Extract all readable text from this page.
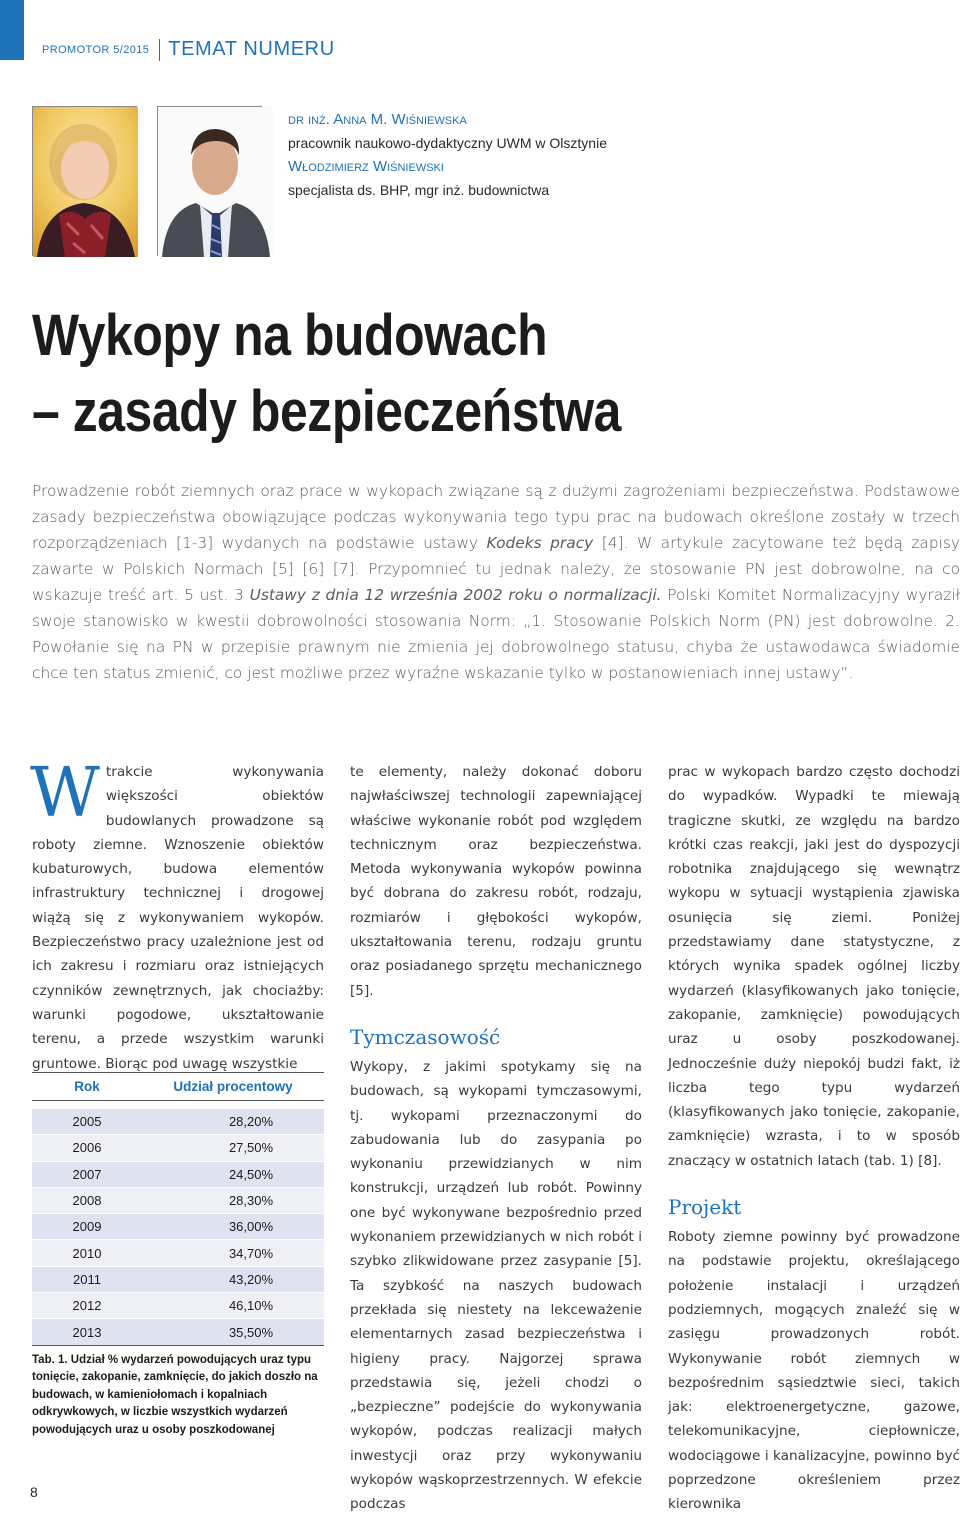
PROMOTOR 5/2015 TEMAT NUMERU
dr inż. Anna M. Wiśniewska
pracownik naukowo-dydaktyczny UWM w Olsztynie
Włodzimierz Wiśniewski
specjalista ds. BHP, mgr inż. budownictwa
Wykopy na budowach
– zasady bezpieczeństwa

Prowadzenie robót ziemnych oraz prace w wykopach związane są z dużymi zagrożeniami bezpieczeństwa. Podstawowe zasady bezpieczeństwa obowiązujące podczas wykonywania tego typu prac na budowach określone zostały w trzech rozporządzeniach [1-3] wydanych na podstawie ustawy Kodeks pracy [4]. W artykule zacytowane też będą zapisy zawarte w Polskich Normach [5] [6] [7]. Przypomnieć tu jednak należy, że stosowanie PN jest dobrowolne, na co wskazuje treść art. 5 ust. 3 Ustawy z dnia 12 września 2002 roku o normalizacji. Polski Komitet Normalizacyjny wyraził swoje stanowisko w kwestii dobrowolności stosowania Norm: „1. Stosowanie Polskich Norm (PN) jest dobrowolne. 2. Powołanie się na PN w przepisie prawnym nie zmienia jej dobrowolnego statusu, chyba że ustawodawca świadomie chce ten status zmienić, co jest możliwe przez wyraźne wskazanie tylko w postanowieniach innej ustawy”.

W trakcie wykonywania większości obiektów budowlanych prowadzone są roboty ziemne. Wznoszenie obiektów kubaturowych, budowa elementów infrastruktury technicznej i drogowej wiążą się z wykonywaniem wykopów. Bezpieczeństwo pracy uzależnione jest od ich zakresu i rozmiaru oraz istniejących czynników zewnętrznych, jak chociażby: warunki pogodowe, ukształtowanie terenu, a przede wszystkim warunki gruntowe. Biorąc pod uwagę wszystkie

Rok	Udział procentowy

2005	28,20%
2006	27,50%
2007	24,50%
2008	28,30%
2009	36,00%
2010	34,70%
2011	43,20%
2012	46,10%
2013	35,50%
Tab. 1. Udział % wydarzeń powodujących uraz typu tonięcie, zakopanie, zamknięcie, do jakich doszło na budowach, w kamieniołomach i kopalniach odkrywkowych, w liczbie wszystkich wydarzeń powodujących uraz u osoby poszkodowanej

te elementy, należy dokonać doboru najwłaściwszej technologii zapewniającej właściwe wykonanie robót pod względem technicznym oraz bezpieczeństwa. Metoda wykonywania wykopów powinna być dobrana do zakresu robót, rodzaju, rozmiarów i głębokości wykopów, ukształtowania terenu, rodzaju gruntu oraz posiadanego sprzętu mechanicznego [5].

Tymczasowość

Wykopy, z jakimi spotykamy się na budowach, są wykopami tymczasowymi, tj. wykopami przeznaczonymi do zabudowania lub do zasypania po wykonaniu przewidzianych w nim konstrukcji, urządzeń lub robót. Powinny one być wykonywane bezpośrednio przed wykonaniem przewidzianych w nich robót i szybko zlikwidowane przez zasypanie [5]. Ta szybkość na naszych budowach przekłada się niestety na lekceważenie elementarnych zasad bezpieczeństwa i higieny pracy. Najgorzej sprawa przedstawia się, jeżeli chodzi o „bezpieczne” podejście do wykonywania wykopów, podczas realizacji małych inwestycji oraz przy wykonywaniu wykopów wąskoprzestrzennych. W efekcie podczas

prac w wykopach bardzo często dochodzi do wypadków. Wypadki te miewają tragiczne skutki, ze względu na bardzo krótki czas reakcji, jaki jest do dyspozycji robotnika znajdującego się wewnątrz wykopu w sytuacji wystąpienia zjawiska osunięcia się ziemi. Poniżej przedstawiamy dane statystyczne, z których wynika spadek ogólnej liczby wydarzeń (klasyfikowanych jako tonięcie, zakopanie, zamknięcie) powodujących uraz u osoby poszkodowanej. Jednocześnie duży niepokój budzi fakt, iż liczba tego typu wydarzeń (klasyfikowanych jako tonięcie, zakopanie, zamknięcie) wzrasta, i to w sposób znaczący w ostatnich latach (tab. 1) [8].

Projekt

Roboty ziemne powinny być prowadzone na podstawie projektu, określającego położenie instalacji i urządzeń podziemnych, mogących znaleźć się w zasięgu prowadzonych robót. Wykonywanie robót ziemnych w bezpośrednim sąsiedztwie sieci, takich jak: elektroenergetyczne, gazowe, telekomunikacyjne, ciepłownicze, wodociągowe i kanalizacyjne, powinno być poprzedzone określeniem przez kierownika

8
